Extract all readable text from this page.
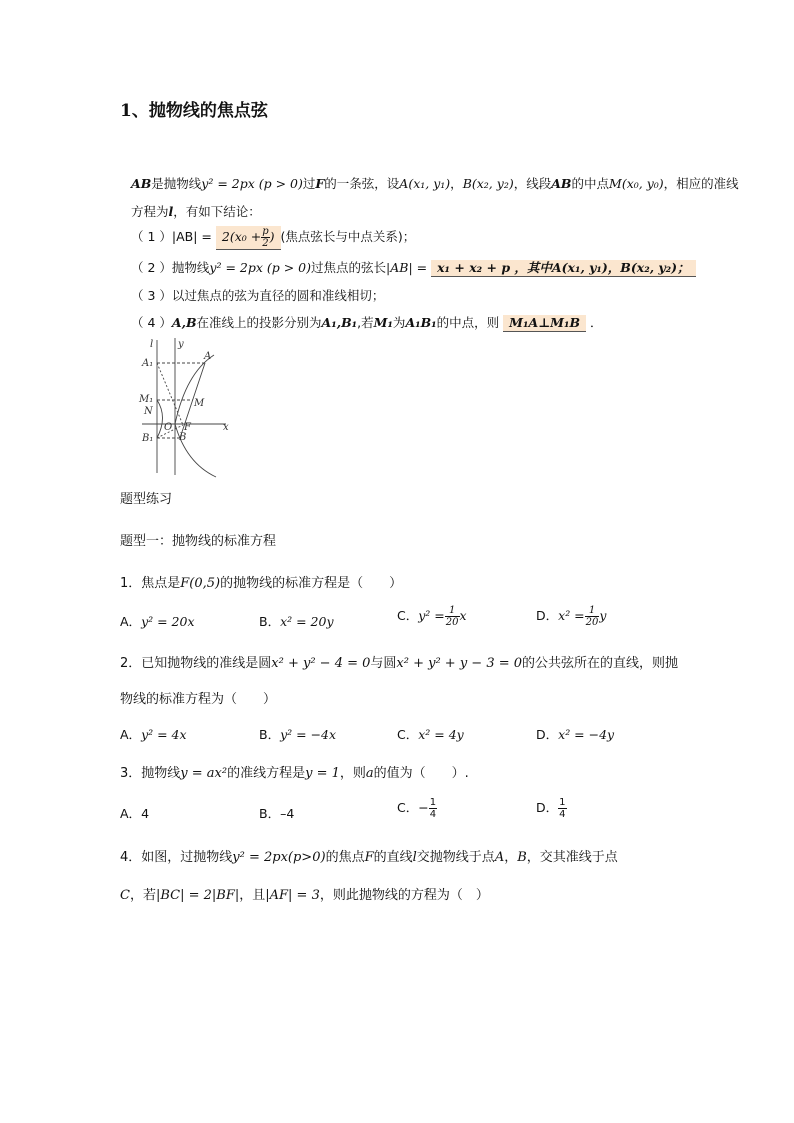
1、抛物线的焦点弦
AB是抛物线y² = 2px (p > 0)过F的一条弦，设A(x₁, y₁)，B(x₂, y₂)，线段AB的中点M(x₀, y₀)，相应的准线
方程为l，有如下结论：
（ 1 ）$|AB| = 2(x_0 + \frac{p}{2}$ ) (焦点弦长与中点关系)；
（ 2 ）抛物线y² = 2px (p > 0)过焦点的弦长|AB| = x₁ + x₂ + p ，其中A(x₁, y₁)，B(x₂, y₂)；
（ 3 ）以过焦点的弦为直径的圆和准线相切；
（ 4 ）A,B在准线上的投影分别为A₁,B₁,若M₁为A₁B₁的中点，则 M₁A⊥M₁B ．
l y
x
A
A₁
M₁
N
M
O F
B
B₁
题型练习
题型一：抛物线的标准方程
1．焦点是F(0,5)的抛物线的标准方程是（　　）
A．y² = 20x	B．x² = 20y	C．$y^2 = \frac{1}{20}$ x	D．$x^2 = \frac{1}{20}$ y
2．已知抛物线的准线是圆x² + y² − 4 = 0与圆x² + y² + y − 3 = 0的公共弦所在的直线，则抛
物线的标准方程为（　　）
A．y² = 4x	B．y² = −4x	C．x² = 4y	D．x² = −4y
3．抛物线y = ax²的准线方程是y = 1，则a的值为（　　）.
A．4	B．–4	C．− $\frac{1}{4}$	D． $\frac{1}{4}$
4．如图，过抛物线y² = 2px(p>0)的焦点F的直线l交抛物线于点A，B，交其准线于点
C，若|BC| = 2|BF|，且|AF| = 3，则此抛物线的方程为（　）
